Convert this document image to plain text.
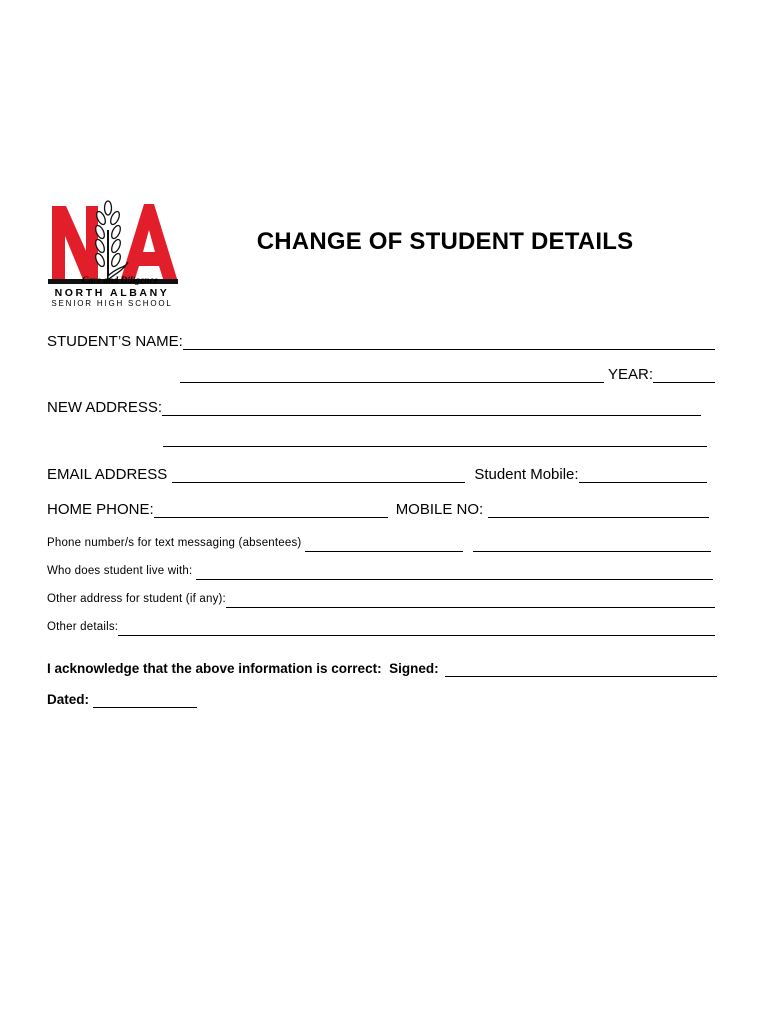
Care and Diligence
NORTH ALBANY
SENIOR HIGH SCHOOL
CHANGE OF STUDENT DETAILS
STUDENT’S NAME:
YEAR:
NEW ADDRESS:
EMAIL ADDRESS	Student Mobile:
HOME PHONE:	MOBILE NO:
Phone number/s for text messaging (absentees)
Who does student live with:
Other address for student (if any):
Other details:
I acknowledge that the above information is correct:  Signed:
Dated:
